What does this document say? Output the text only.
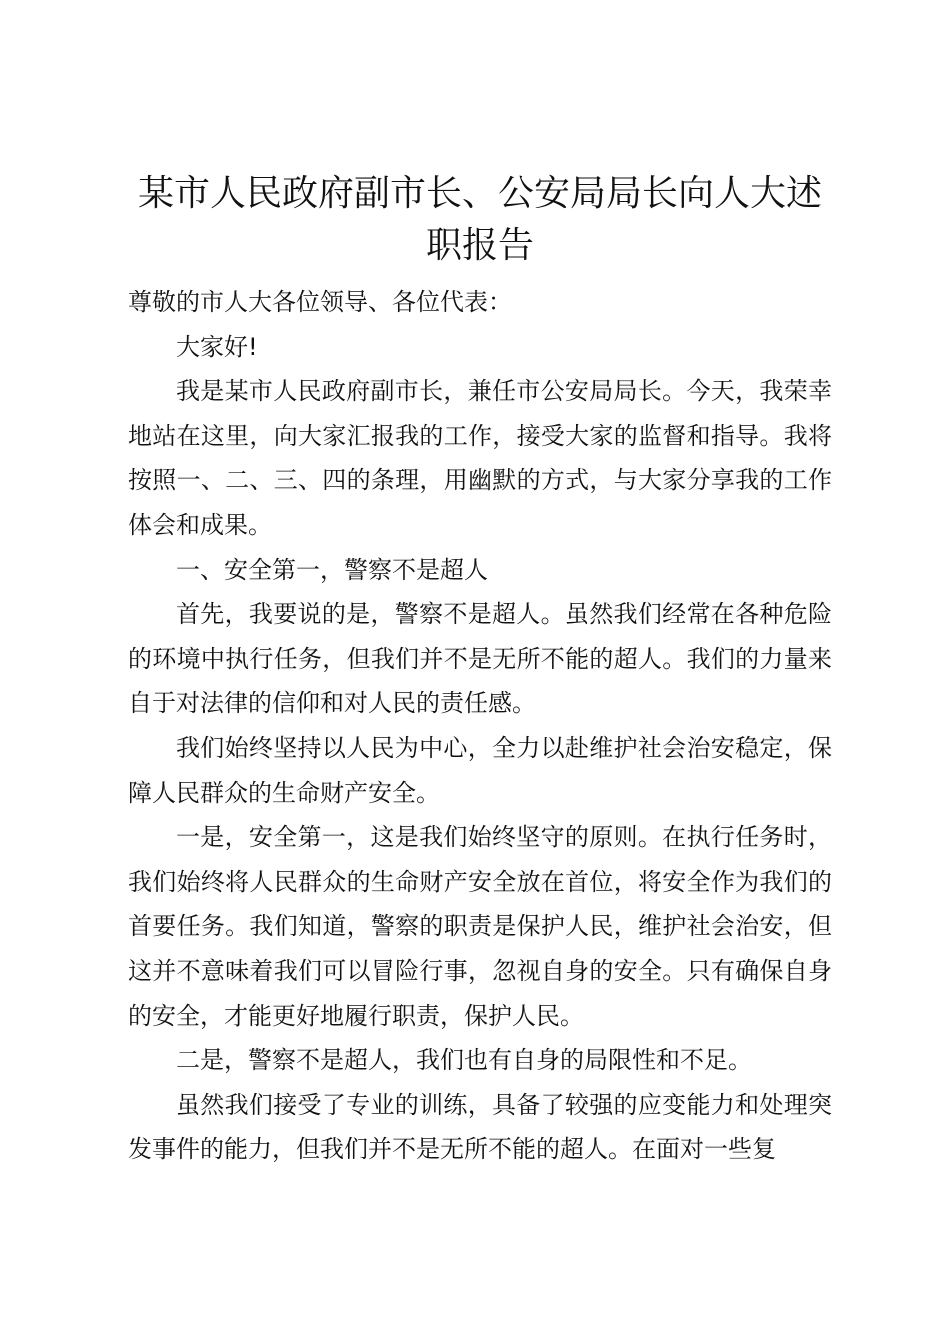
某市人民政府副市长、公安局局长向人大述职报告

尊敬的市人大各位领导、各位代表：

大家好!

我是某市人民政府副市长，兼任市公安局局长。今天，我荣幸地站在这里，向大家汇报我的工作，接受大家的监督和指导。我将按照一、二、三、四的条理，用幽默的方式，与大家分享我的工作体会和成果。

一、安全第一，警察不是超人

首先，我要说的是，警察不是超人。虽然我们经常在各种危险的环境中执行任务，但我们并不是无所不能的超人。我们的力量来自于对法律的信仰和对人民的责任感。

我们始终坚持以人民为中心，全力以赴维护社会治安稳定，保障人民群众的生命财产安全。

一是，安全第一，这是我们始终坚守的原则。在执行任务时，我们始终将人民群众的生命财产安全放在首位，将安全作为我们的首要任务。我们知道，警察的职责是保护人民，维护社会治安，但这并不意味着我们可以冒险行事，忽视自身的安全。只有确保自身的安全，才能更好地履行职责，保护人民。

二是，警察不是超人，我们也有自身的局限性和不足。

虽然我们接受了专业的训练，具备了较强的应变能力和处理突发事件的能力，但我们并不是无所不能的超人。在面对一些复
